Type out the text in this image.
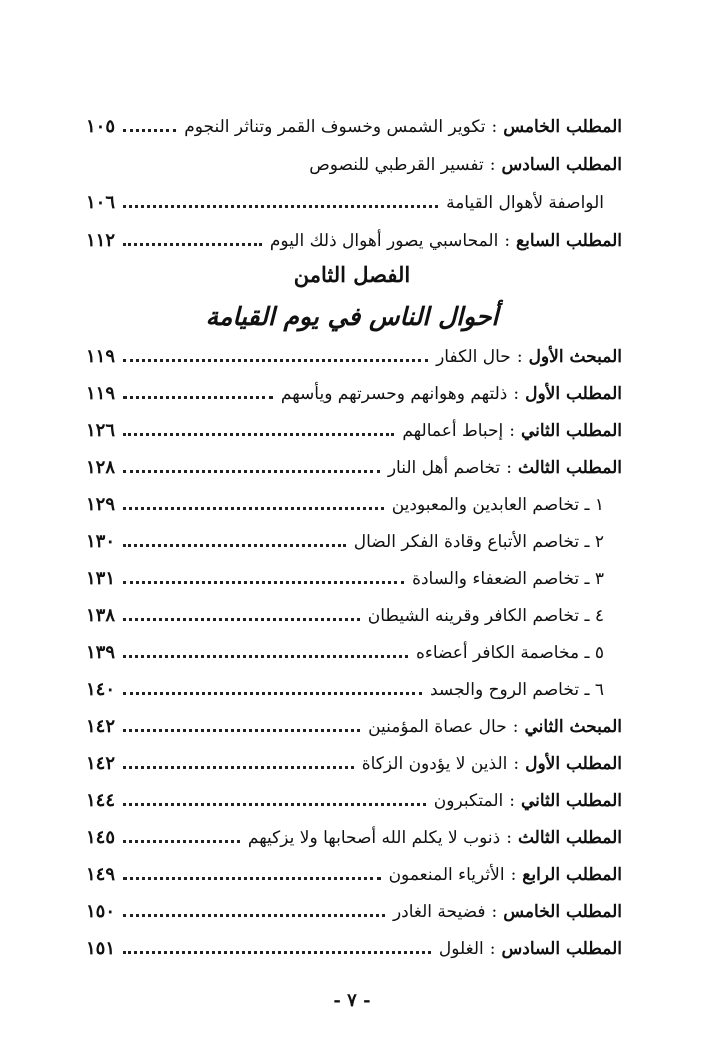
المطلب الخامس
:
تكوير الشمس وخسوف القمر وتناثر النجوم
١٠٥
المطلب السادس
:
تفسير القرطبي للنصوص
الواصفة لأهوال القيامة
١٠٦
المطلب السابع
:
المحاسبي يصور أهوال ذلك اليوم
١١٢
الفصل الثامن
أحوال الناس في يوم القيامة
المبحث الأول
:
حال الكفار
١١٩
المطلب الأول
:
ذلتهم وهوانهم وحسرتهم ويأسهم
١١٩
المطلب الثاني
:
إحباط أعمالهم
١٢٦
المطلب الثالث
:
تخاصم أهل النار
١٢٨
١ ـ تخاصم العابدين والمعبودين
١٢٩
٢ ـ تخاصم الأتباع وقادة الفكر الضال
١٣٠
٣ ـ تخاصم الضعفاء والسادة
١٣١
٤ ـ تخاصم الكافر وقرينه الشيطان
١٣٨
٥ ـ مخاصمة الكافر أعضاءه
١٣٩
٦ ـ تخاصم الروح والجسد
١٤٠
المبحث الثاني
:
حال عصاة المؤمنين
١٤٢
المطلب الأول
:
الذين لا يؤدون الزكاة
١٤٢
المطلب الثاني
:
المتكبرون
١٤٤
المطلب الثالث
:
ذنوب لا يكلم الله أصحابها ولا يزكيهم
١٤٥
المطلب الرابع
:
الأثرياء المنعمون
١٤٩
المطلب الخامس
:
فضيحة الغادر
١٥٠
المطلب السادس
:
الغلول
١٥١
- ٧ -
